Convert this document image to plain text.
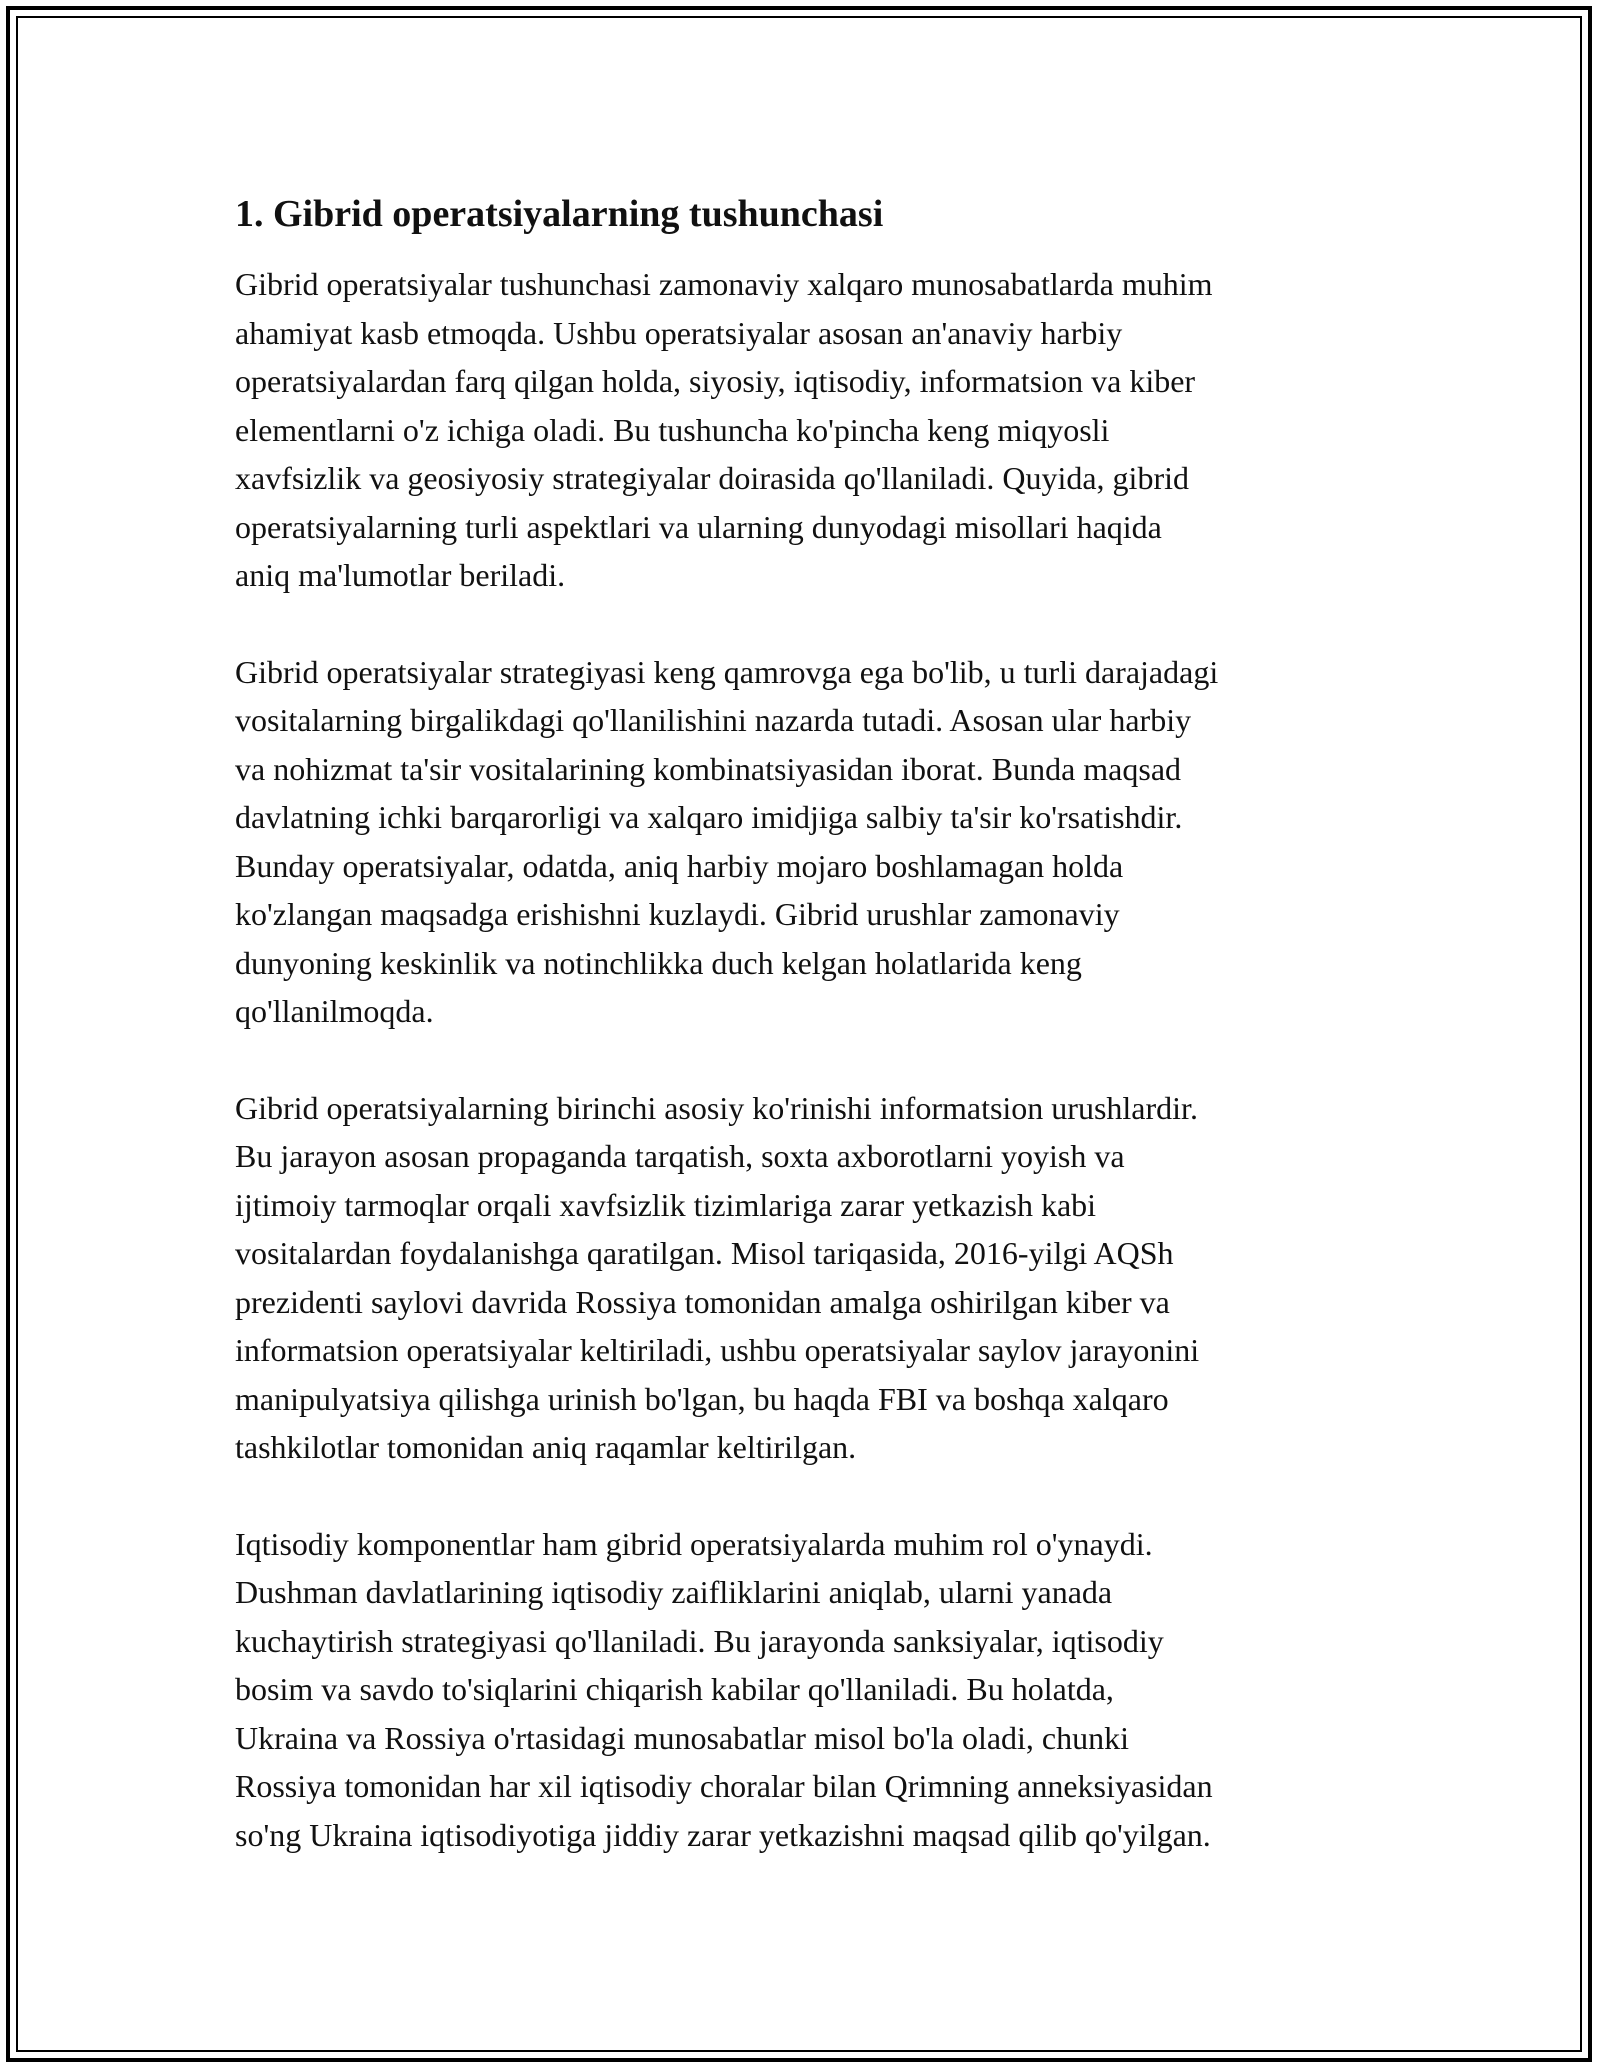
1. Gibrid operatsiyalarning tushunchasi

Gibrid operatsiyalar tushunchasi zamonaviy xalqaro munosabatlarda muhim
ahamiyat kasb etmoqda. Ushbu operatsiyalar asosan an'anaviy harbiy
operatsiyalardan farq qilgan holda, siyosiy, iqtisodiy, informatsion va kiber
elementlarni o'z ichiga oladi. Bu tushuncha ko'pincha keng miqyosli
xavfsizlik va geosiyosiy strategiyalar doirasida qo'llaniladi. Quyida, gibrid
operatsiyalarning turli aspektlari va ularning dunyodagi misollari haqida
aniq ma'lumotlar beriladi.

Gibrid operatsiyalar strategiyasi keng qamrovga ega bo'lib, u turli darajadagi
vositalarning birgalikdagi qo'llanilishini nazarda tutadi. Asosan ular harbiy
va nohizmat ta'sir vositalarining kombinatsiyasidan iborat. Bunda maqsad
davlatning ichki barqarorligi va xalqaro imidjiga salbiy ta'sir ko'rsatishdir.
Bunday operatsiyalar, odatda, aniq harbiy mojaro boshlamagan holda
ko'zlangan maqsadga erishishni kuzlaydi. Gibrid urushlar zamonaviy
dunyoning keskinlik va notinchlikka duch kelgan holatlarida keng
qo'llanilmoqda.

Gibrid operatsiyalarning birinchi asosiy ko'rinishi informatsion urushlardir.
Bu jarayon asosan propaganda tarqatish, soxta axborotlarni yoyish va
ijtimoiy tarmoqlar orqali xavfsizlik tizimlariga zarar yetkazish kabi
vositalardan foydalanishga qaratilgan. Misol tariqasida, 2016-yilgi AQSh
prezidenti saylovi davrida Rossiya tomonidan amalga oshirilgan kiber va
informatsion operatsiyalar keltiriladi, ushbu operatsiyalar saylov jarayonini
manipulyatsiya qilishga urinish bo'lgan, bu haqda FBI va boshqa xalqaro
tashkilotlar tomonidan aniq raqamlar keltirilgan.

Iqtisodiy komponentlar ham gibrid operatsiyalarda muhim rol o'ynaydi.
Dushman davlatlarining iqtisodiy zaifliklarini aniqlab, ularni yanada
kuchaytirish strategiyasi qo'llaniladi. Bu jarayonda sanksiyalar, iqtisodiy
bosim va savdo to'siqlarini chiqarish kabilar qo'llaniladi. Bu holatda,
Ukraina va Rossiya o'rtasidagi munosabatlar misol bo'la oladi, chunki
Rossiya tomonidan har xil iqtisodiy choralar bilan Qrimning anneksiyasidan
so'ng Ukraina iqtisodiyotiga jiddiy zarar yetkazishni maqsad qilib qo'yilgan.
